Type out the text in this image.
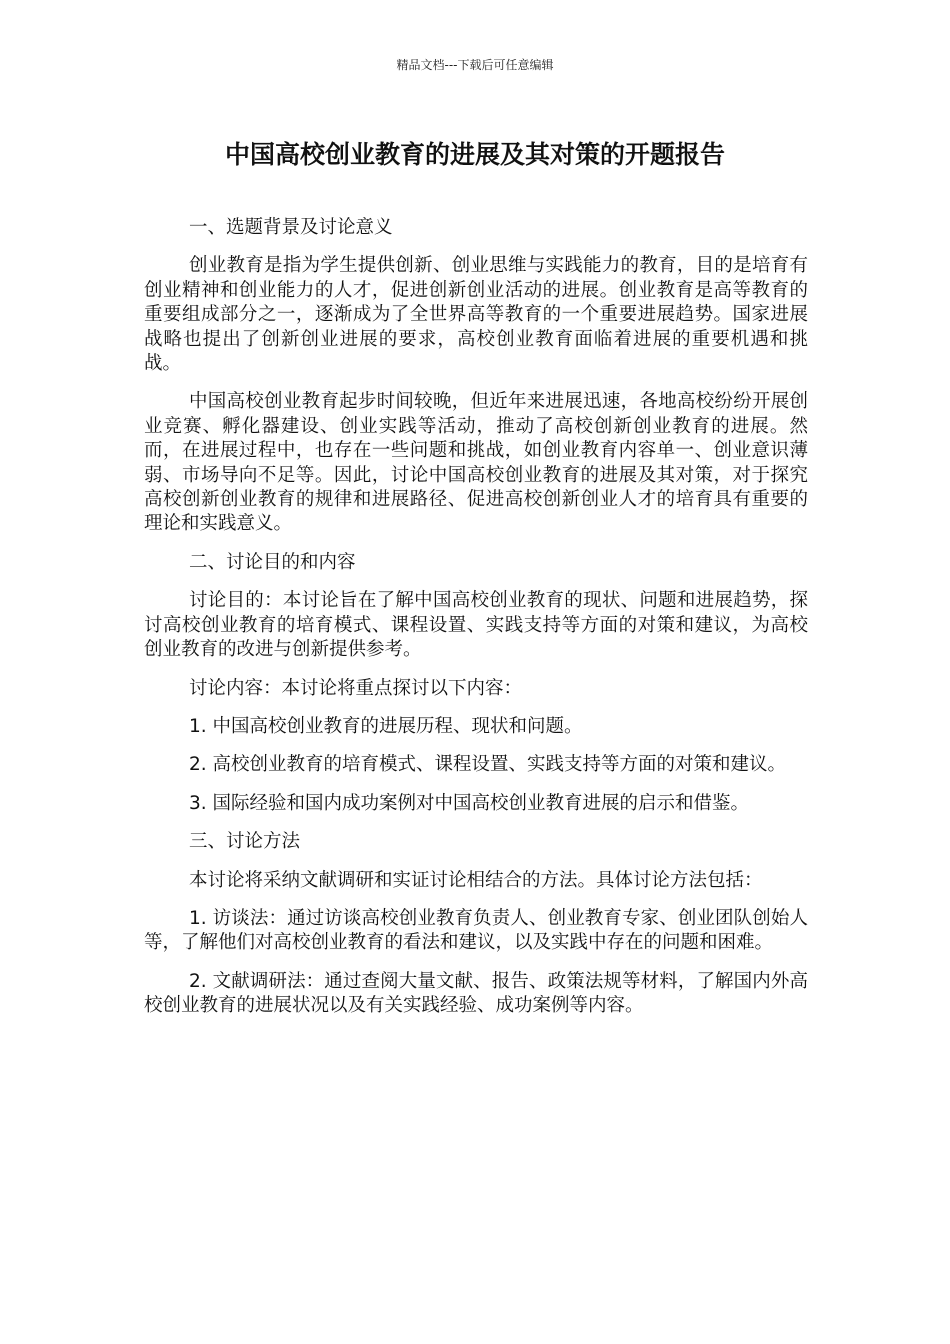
精品文档---下载后可任意编辑
中国高校创业教育的进展及其对策的开题报告

一、选题背景及讨论意义

创业教育是指为学生提供创新、创业思维与实践能力的教育，目的是培育有创业精神和创业能力的人才，促进创新创业活动的进展。创业教育是高等教育的重要组成部分之一，逐渐成为了全世界高等教育的一个重要进展趋势。国家进展战略也提出了创新创业进展的要求，高校创业教育面临着进展的重要机遇和挑战。

中国高校创业教育起步时间较晚，但近年来进展迅速，各地高校纷纷开展创业竞赛、孵化器建设、创业实践等活动，推动了高校创新创业教育的进展。然而，在进展过程中，也存在一些问题和挑战，如创业教育内容单一、创业意识薄弱、市场导向不足等。因此，讨论中国高校创业教育的进展及其对策，对于探究高校创新创业教育的规律和进展路径、促进高校创新创业人才的培育具有重要的理论和实践意义。

二、讨论目的和内容

讨论目的：本讨论旨在了解中国高校创业教育的现状、问题和进展趋势，探讨高校创业教育的培育模式、课程设置、实践支持等方面的对策和建议，为高校创业教育的改进与创新提供参考。

讨论内容：本讨论将重点探讨以下内容：

1. 中国高校创业教育的进展历程、现状和问题。

2. 高校创业教育的培育模式、课程设置、实践支持等方面的对策和建议。

3. 国际经验和国内成功案例对中国高校创业教育进展的启示和借鉴。

三、讨论方法

本讨论将采纳文献调研和实证讨论相结合的方法。具体讨论方法包括：

1. 访谈法：通过访谈高校创业教育负责人、创业教育专家、创业团队创始人等，了解他们对高校创业教育的看法和建议，以及实践中存在的问题和困难。

2. 文献调研法：通过查阅大量文献、报告、政策法规等材料，了解国内外高校创业教育的进展状况以及有关实践经验、成功案例等内容。
